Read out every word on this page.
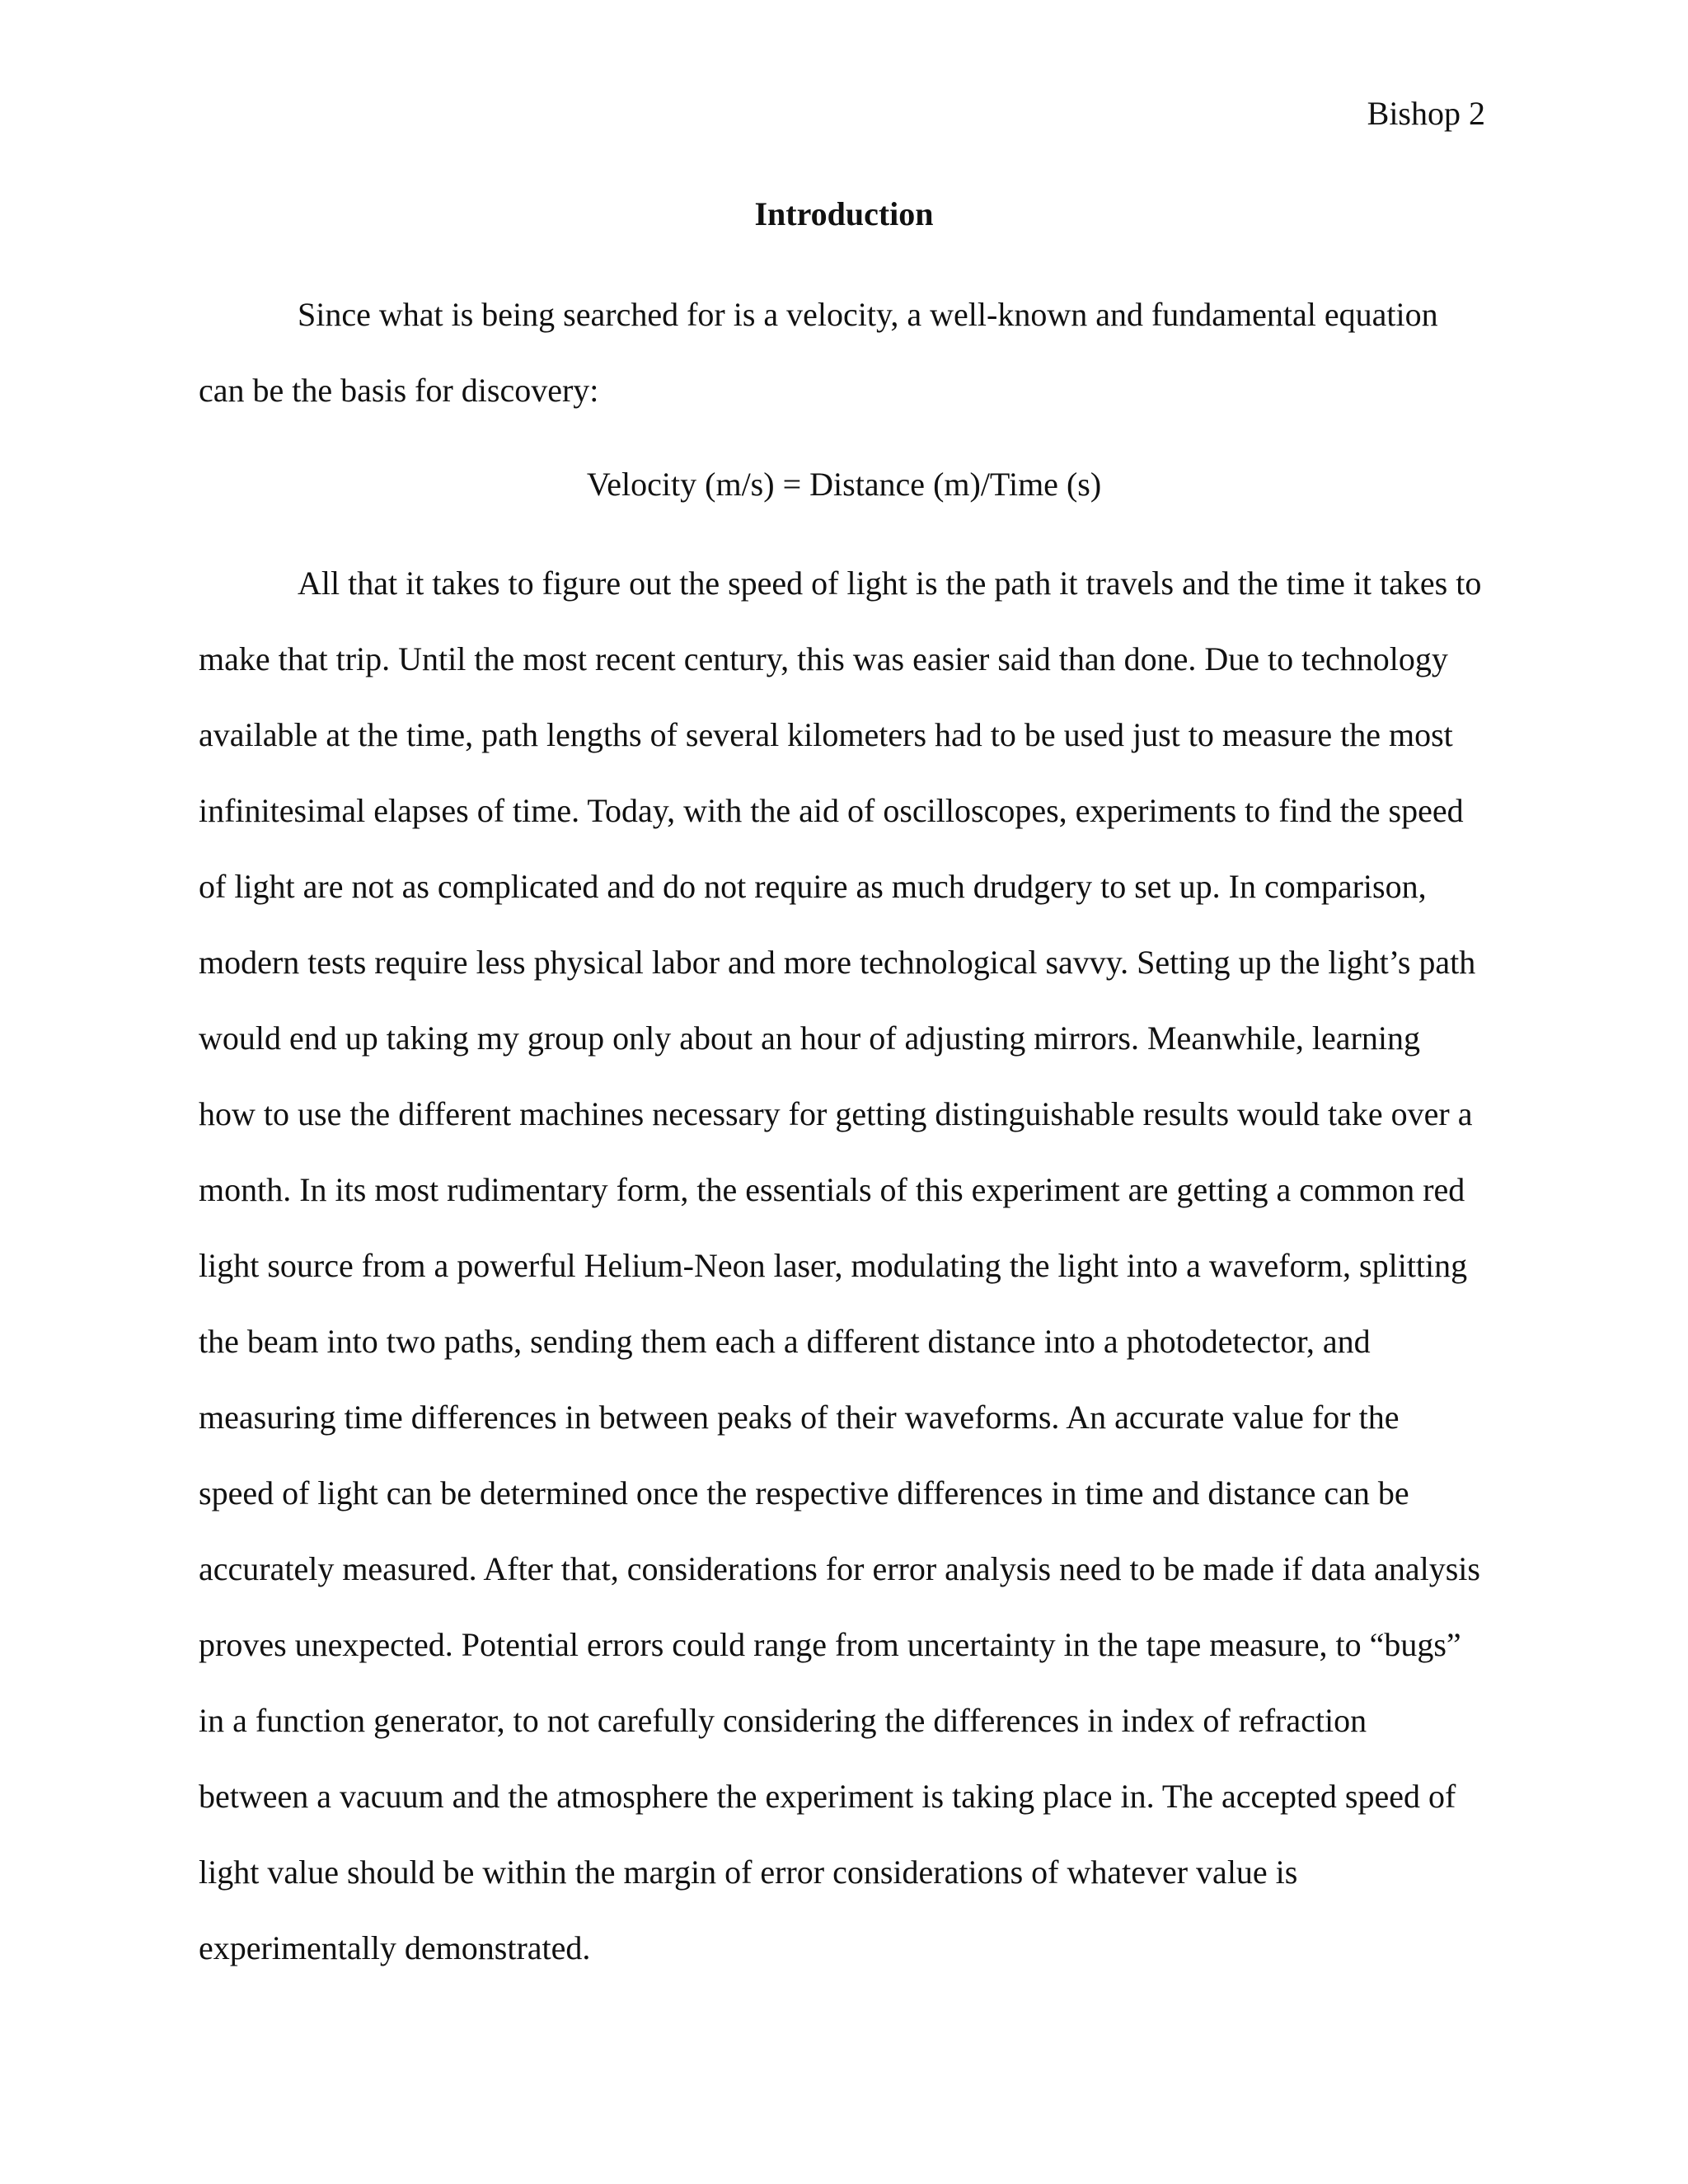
Bishop 2
Introduction
Since what is being searched for is a velocity, a well-known and fundamental equation
can be the basis for discovery:
Velocity (m/s) = Distance (m)/Time (s)
All that it takes to figure out the speed of light is the path it travels and the time it takes to
make that trip. Until the most recent century, this was easier said than done. Due to technology
available at the time, path lengths of several kilometers had to be used just to measure the most
infinitesimal elapses of time. Today, with the aid of oscilloscopes, experiments to find the speed
of light are not as complicated and do not require as much drudgery to set up. In comparison,
modern tests require less physical labor and more technological savvy. Setting up the light’s path
would end up taking my group only about an hour of adjusting mirrors. Meanwhile, learning
how to use the different machines necessary for getting distinguishable results would take over a
month. In its most rudimentary form, the essentials of this experiment are getting a common red
light source from a powerful Helium-Neon laser, modulating the light into a waveform, splitting
the beam into two paths, sending them each a different distance into a photodetector, and
measuring time differences in between peaks of their waveforms. An accurate value for the
speed of light can be determined once the respective differences in time and distance can be
accurately measured. After that, considerations for error analysis need to be made if data analysis
proves unexpected. Potential errors could range from uncertainty in the tape measure, to “bugs”
in a function generator, to not carefully considering the differences in index of refraction
between a vacuum and the atmosphere the experiment is taking place in. The accepted speed of
light value should be within the margin of error considerations of whatever value is
experimentally demonstrated.
